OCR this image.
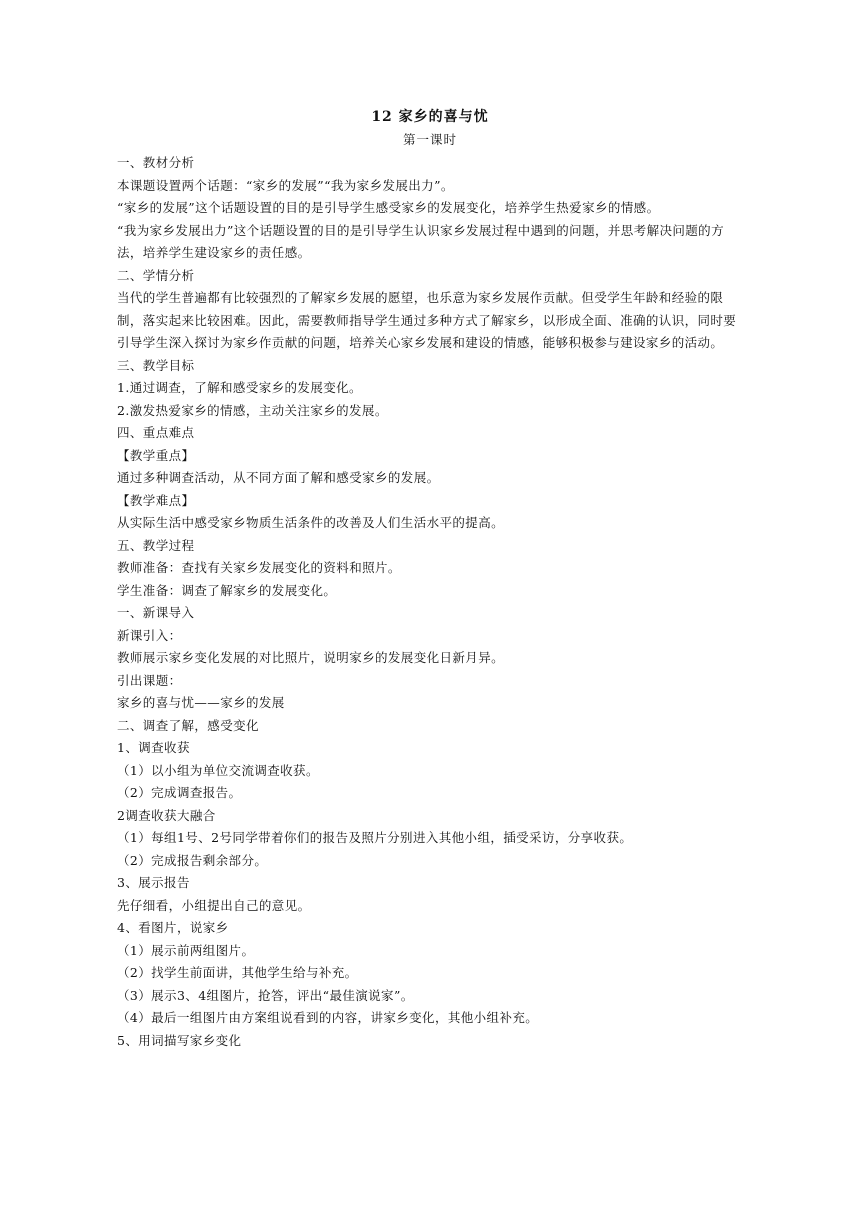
12 家乡的喜与忧
第一课时

一、教材分析

本课题设置两个话题：“家乡的发展”“我为家乡发展出力”。

“家乡的发展”这个话题设置的目的是引导学生感受家乡的发展变化，培养学生热爱家乡的情感。

“我为家乡发展出力”这个话题设置的目的是引导学生认识家乡发展过程中遇到的问题，并思考解决问题的方法，培养学生建设家乡的责任感。

二、学情分析

当代的学生普遍都有比较强烈的了解家乡发展的愿望，也乐意为家乡发展作贡献。但受学生年龄和经验的限制，落实起来比较困难。因此，需要教师指导学生通过多种方式了解家乡，以形成全面、准确的认识，同时要引导学生深入探讨为家乡作贡献的问题，培养关心家乡发展和建设的情感，能够积极参与建设家乡的活动。

三、教学目标

1.通过调查，了解和感受家乡的发展变化。

2.激发热爱家乡的情感，主动关注家乡的发展。

四、重点难点

【教学重点】

通过多种调查活动，从不同方面了解和感受家乡的发展。

【教学难点】

从实际生活中感受家乡物质生活条件的改善及人们生活水平的提高。

五、教学过程

教师准备：查找有关家乡发展变化的资料和照片。

学生准备：调查了解家乡的发展变化。

一、新课导入

新课引入：

教师展示家乡变化发展的对比照片，说明家乡的发展变化日新月异。

引出课题：

家乡的喜与忧——家乡的发展

二、调查了解，感受变化

1、调查收获

（1）以小组为单位交流调查收获。

（2）完成调查报告。

2调查收获大融合

（1）每组1号、2号同学带着你们的报告及照片分别进入其他小组，插受采访，分享收获。

（2）完成报告剩余部分。

3、展示报告

先仔细看，小组提出自己的意见。

4、看图片，说家乡

（1）展示前两组图片。

（2）找学生前面讲，其他学生给与补充。

（3）展示3、4组图片，抢答，评出“最佳演说家”。

（4）最后一组图片由方案组说看到的内容，讲家乡变化，其他小组补充。

5、用词描写家乡变化
